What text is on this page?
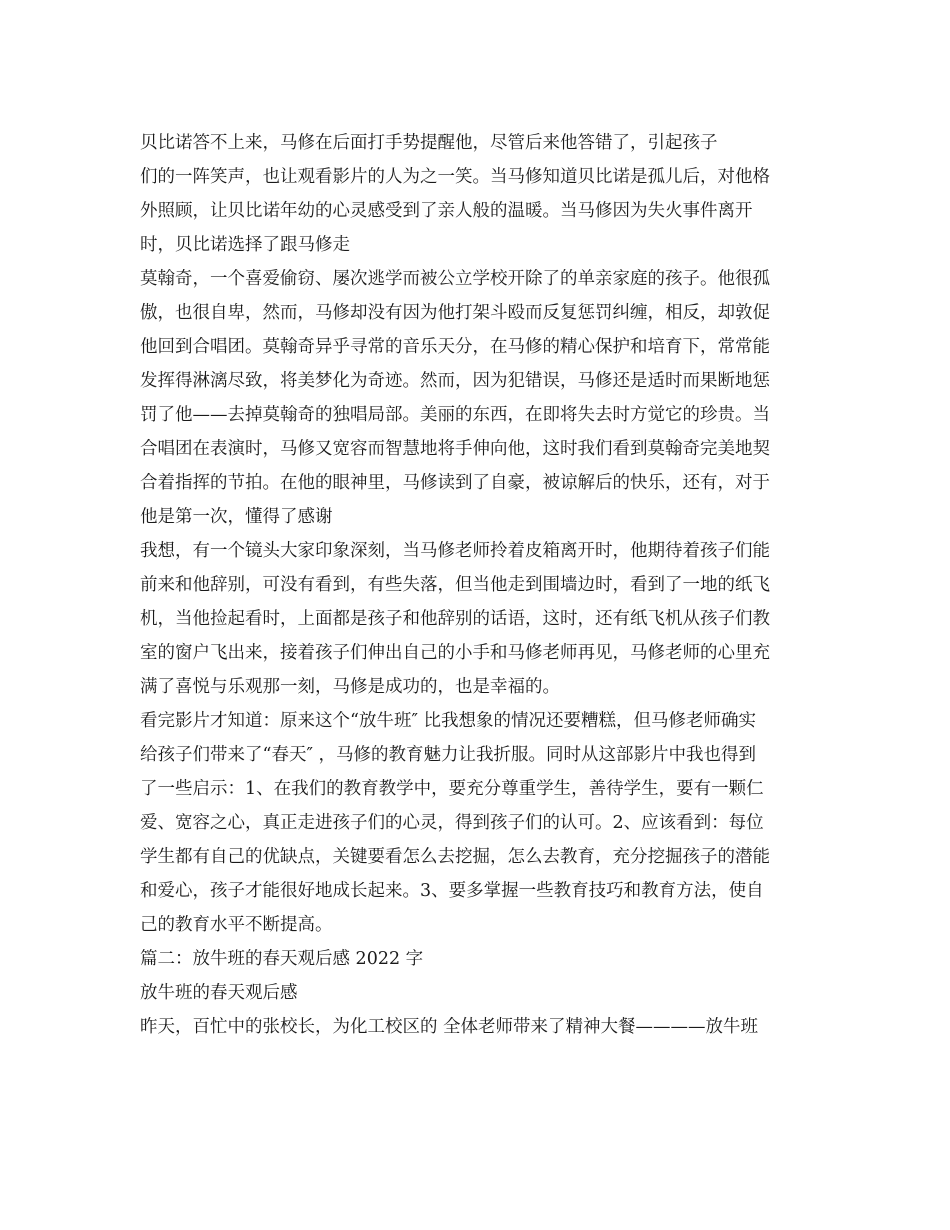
贝比诺答不上来，马修在后面打手势提醒他，尽管后来他答错了，引起孩子
们的一阵笑声，也让观看影片的人为之一笑。当马修知道贝比诺是孤儿后，对他格
外照顾，让贝比诺年幼的心灵感受到了亲人般的温暖。当马修因为失火事件离开
时，贝比诺选择了跟马修走
莫翰奇，一个喜爱偷窃、屡次逃学而被公立学校开除了的单亲家庭的孩子。他很孤
傲，也很自卑，然而，马修却没有因为他打架斗殴而反复惩罚纠缠，相反，却敦促
他回到合唱团。莫翰奇异乎寻常的音乐天分，在马修的精心保护和培育下，常常能
发挥得淋漓尽致，将美梦化为奇迹。然而，因为犯错误，马修还是适时而果断地惩
罚了他——去掉莫翰奇的独唱局部。美丽的东西，在即将失去时方觉它的珍贵。当
合唱团在表演时，马修又宽容而智慧地将手伸向他，这时我们看到莫翰奇完美地契
合着指挥的节拍。在他的眼神里，马修读到了自豪，被谅解后的快乐，还有，对于
他是第一次，懂得了感谢
我想，有一个镜头大家印象深刻，当马修老师拎着皮箱离开时，他期待着孩子们能
前来和他辞别，可没有看到，有些失落，但当他走到围墙边时，看到了一地的纸飞
机，当他捡起看时，上面都是孩子和他辞别的话语，这时，还有纸飞机从孩子们教
室的窗户飞出来，接着孩子们伸出自己的小手和马修老师再见，马修老师的心里充
满了喜悦与乐观那一刻，马修是成功的，也是幸福的。
看完影片才知道：原来这个“放牛班″ 比我想象的情况还要糟糕，但马修老师确实
给孩子们带来了“春天″ ，马修的教育魅力让我折服。同时从这部影片中我也得到
了一些启示：1、在我们的教育教学中，要充分尊重学生，善待学生，要有一颗仁
爱、宽容之心，真正走进孩子们的心灵，得到孩子们的认可。2、应该看到：每位
学生都有自己的优缺点，关键要看怎么去挖掘，怎么去教育，充分挖掘孩子的潜能
和爱心，孩子才能很好地成长起来。3、要多掌握一些教育技巧和教育方法，使自
己的教育水平不断提高。
篇二：放牛班的春天观后感 2022 字
放牛班的春天观后感
昨天，百忙中的张校长，为化工校区的 全体老师带来了精神大餐————放牛班
